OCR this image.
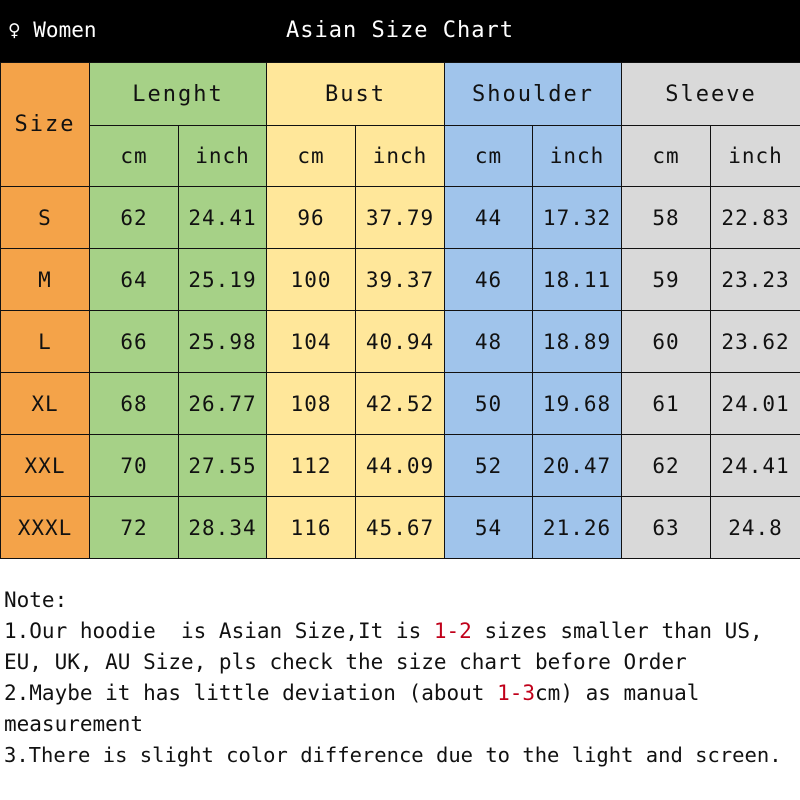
♀ Women	Asian Size Chart
Size	Lenght		Bust		Shoulder		Sleeve	
	cm	inch	cm	inch	cm	inch	cm	inch
S	62	24.41	96	37.79	44	17.32	58	22.83
M	64	25.19	100	39.37	46	18.11	59	23.23
L	66	25.98	104	40.94	48	18.89	60	23.62
XL	68	26.77	108	42.52	50	19.68	61	24.01
XXL	70	27.55	112	44.09	52	20.47	62	24.41
XXXL	72	28.34	116	45.67	54	21.26	63	24.8
Note:
1.Our hoodie  is Asian Size,It is 1-2 sizes smaller than US,
EU, UK, AU Size, pls check the size chart before Order
2.Maybe it has little deviation (about 1-3cm) as manual
measurement
3.There is slight color difference due to the light and screen.
